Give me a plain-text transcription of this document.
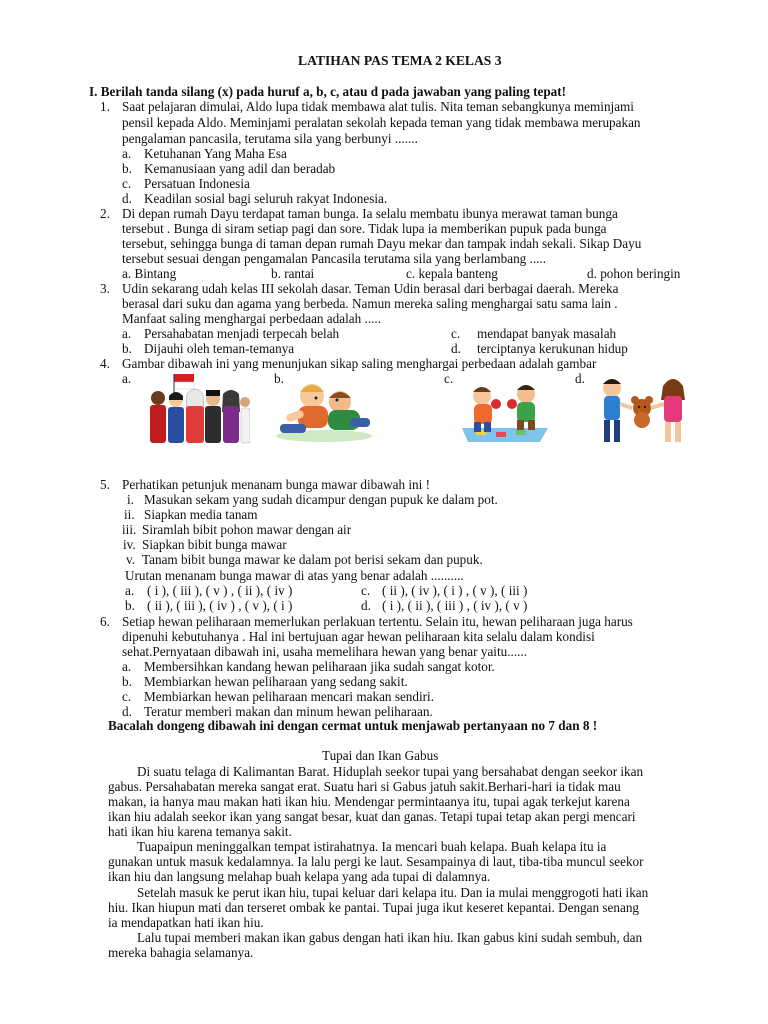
LATIHAN PAS TEMA 2 KELAS 3
I. Berilah tanda silang (x) pada huruf a, b, c, atau d pada jawaban yang paling tepat!
1. Saat pelajaran dimulai, Aldo lupa tidak membawa alat tulis. Nita teman sebangkunya meminjami
pensil kepada Aldo. Meminjami peralatan sekolah kepada teman yang tidak membawa merupakan
pengalaman pancasila, terutama sila yang berbunyi .......
a. Ketuhanan Yang Maha Esa
b. Kemanusiaan yang adil dan beradab
c. Persatuan Indonesia
d. Keadilan sosial bagi seluruh rakyat Indonesia.
2. Di depan rumah Dayu terdapat taman bunga. Ia selalu membatu ibunya merawat taman bunga
tersebut . Bunga di siram setiap pagi dan sore. Tidak lupa ia memberikan pupuk pada bunga
tersebut, sehingga bunga di taman depan rumah Dayu mekar dan tampak indah sekali. Sikap Dayu
tersebut sesuai dengan pengamalan Pancasila terutama sila yang berlambang .....
a. Bintang	b. rantai	c. kepala banteng	d. pohon beringin
3. Udin sekarang udah kelas III sekolah dasar. Teman Udin berasal dari berbagai daerah. Mereka
berasal dari suku dan agama yang berbeda. Namun mereka saling menghargai satu sama lain .
Manfaat saling menghargai perbedaan adalah .....
a. Persahabatan menjadi terpecah belah	c. mendapat banyak masalah
b. Dijauhi oleh teman-temanya	d. terciptanya kerukunan hidup
4. Gambar dibawah ini yang menunjukan sikap saling menghargai perbedaan adalah gambar
a.	b.	c.	d.
5. Perhatikan petunjuk menanam bunga mawar dibawah ini !
i. Masukan sekam yang sudah dicampur dengan pupuk ke dalam pot.
ii. Siapkan media tanam
iii. Siramlah bibit pohon mawar dengan air
iv. Siapkan bibit bunga mawar
v. Tanam bibit bunga mawar ke dalam pot berisi sekam dan pupuk.
Urutan menanam bunga mawar di atas yang benar adalah ..........
a. ( i ), ( iii ), ( v ) , ( ii ), ( iv )	c. ( ii ), ( iv ), ( i ) , ( v ), ( iii )
b. ( ii ), ( iii ), ( iv ) , ( v ), ( i )	d. ( i ), ( ii ), ( iii ) , ( iv ), ( v )
6. Setiap hewan peliharaan memerlukan perlakuan tertentu. Selain itu, hewan peliharaan juga harus
dipenuhi kebutuhanya . Hal ini bertujuan agar hewan peliharaan kita selalu dalam kondisi
sehat.Pernyataan dibawah ini, usaha memelihara hewan yang benar yaitu......
a. Membersihkan kandang hewan peliharaan jika sudah sangat kotor.
b. Membiarkan hewan peliharaan yang sedang sakit.
c. Membiarkan hewan peliharaan mencari makan sendiri.
d. Teratur memberi makan dan minum hewan peliharaan.
Bacalah dongeng dibawah ini dengan cermat untuk menjawab pertanyaan no 7 dan 8 !
Tupai dan Ikan Gabus
Di suatu telaga di Kalimantan Barat. Hiduplah seekor tupai yang bersahabat dengan seekor ikan
gabus. Persahabatan mereka sangat erat. Suatu hari si Gabus jatuh sakit.Berhari-hari ia tidak mau
makan, ia hanya mau makan hati ikan hiu. Mendengar permintaanya itu, tupai agak terkejut karena
ikan hiu adalah seekor ikan yang sangat besar, kuat dan ganas. Tetapi tupai tetap akan pergi mencari
hati ikan hiu karena temanya sakit.
Tuapaipun meninggalkan tempat istirahatnya. Ia mencari buah kelapa. Buah kelapa itu ia
gunakan untuk masuk kedalamnya. Ia lalu pergi ke laut. Sesampainya di laut, tiba-tiba muncul seekor
ikan hiu dan langsung melahap buah kelapa yang ada tupai di dalamnya.
Setelah masuk ke perut ikan hiu, tupai keluar dari kelapa itu. Dan ia mulai menggrogoti hati ikan
hiu. Ikan hiupun mati dan terseret ombak ke pantai. Tupai juga ikut keseret kepantai. Dengan senang
ia mendapatkan hati ikan hiu.
Lalu tupai memberi makan ikan gabus dengan hati ikan hiu. Ikan gabus kini sudah sembuh, dan
mereka bahagia selamanya.
